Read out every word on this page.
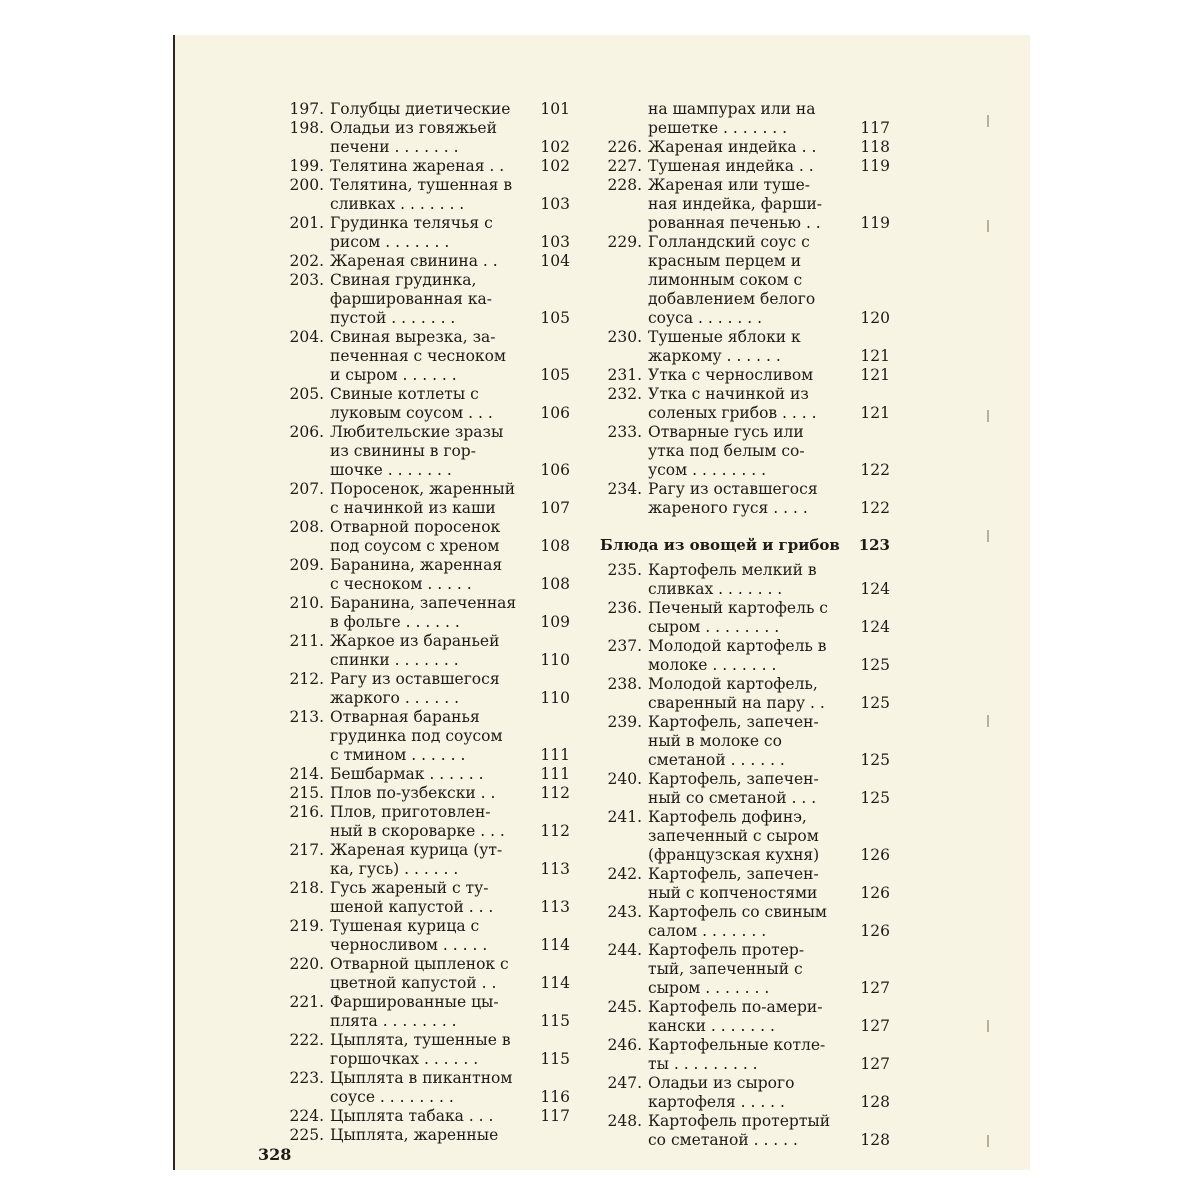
197. Голубцы диетические	101
198. Оладьи из говяжьей
печени . . . . . . .	102
199. Телятина жареная . .	102
200. Телятина, тушенная в
сливках . . . . . . .	103
201. Грудинка телячья с
рисом . . . . . . .	103
202. Жареная свинина . .	104
203. Свиная грудинка,
фаршированная ка-
пустой . . . . . . .	105
204. Свиная вырезка, за-
печенная с чесноком
и сыром . . . . . .	105
205. Свиные котлеты с
луковым соусом . . .	106
206. Любительские зразы
из свинины в гор-
шочке . . . . . . .	106
207. Поросенок, жаренный
с начинкой из каши	107
208. Отварной поросенок
под соусом с хреном	108
209. Баранина, жаренная
с чесноком . . . . .	108
210. Баранина, запеченная
в фольге . . . . . .	109
211. Жаркое из бараньей
спинки . . . . . . .	110
212. Рагу из оставшегося
жаркого . . . . . .	110
213. Отварная баранья
грудинка под соусом
с тмином . . . . . .	111
214. Бешбармак . . . . . .	111
215. Плов по-узбекски . .	112
216. Плов, приготовлен-
ный в скороварке . . .	112
217. Жареная курица (ут-
ка, гусь) . . . . . .	113
218. Гусь жареный с ту-
шеной капустой . . .	113
219. Тушеная курица с
черносливом . . . . .	114
220. Отварной цыпленок с
цветной капустой . .	114
221. Фаршированные цы-
плята . . . . . . . .	115
222. Цыплята, тушенные в
горшочках . . . . . .	115
223. Цыплята в пикантном
соусе . . . . . . . .	116
224. Цыплята табака . . .	117
225. Цыплята, жаренные
на шампурах или на
решетке . . . . . . .	117
226. Жареная индейка . .	118
227. Тушеная индейка . .	119
228. Жареная или туше-
ная индейка, фарши-
рованная печенью . .	119
229. Голландский соус с
красным перцем и
лимонным соком с
добавлением белого
соуса . . . . . . .	120
230. Тушеные яблоки к
жаркому . . . . . .	121
231. Утка с черносливом	121
232. Утка с начинкой из
соленых грибов . . . .	121
233. Отварные гусь или
утка под белым со-
усом . . . . . . . .	122
234. Рагу из оставшегося
жареного гуся . . . .	122
Блюда из овощей и грибов	123
235. Картофель мелкий в
сливках . . . . . . .	124
236. Печеный картофель с
сыром . . . . . . . .	124
237. Молодой картофель в
молоке . . . . . . .	125
238. Молодой картофель,
сваренный на пару . .	125
239. Картофель, запечен-
ный в молоке со
сметаной . . . . . .	125
240. Картофель, запечен-
ный со сметаной . . .	125
241. Картофель дофинэ,
запеченный с сыром
(французская кухня)	126
242. Картофель, запечен-
ный с копченостями	126
243. Картофель со свиным
салом . . . . . . .	126
244. Картофель протер-
тый, запеченный с
сыром . . . . . . .	127
245. Картофель по-амери-
кански . . . . . . .	127
246. Картофельные котле-
ты . . . . . . . . .	127
247. Оладьи из сырого
картофеля . . . . .	128
248. Картофель протертый
со сметаной . . . . .	128
328
